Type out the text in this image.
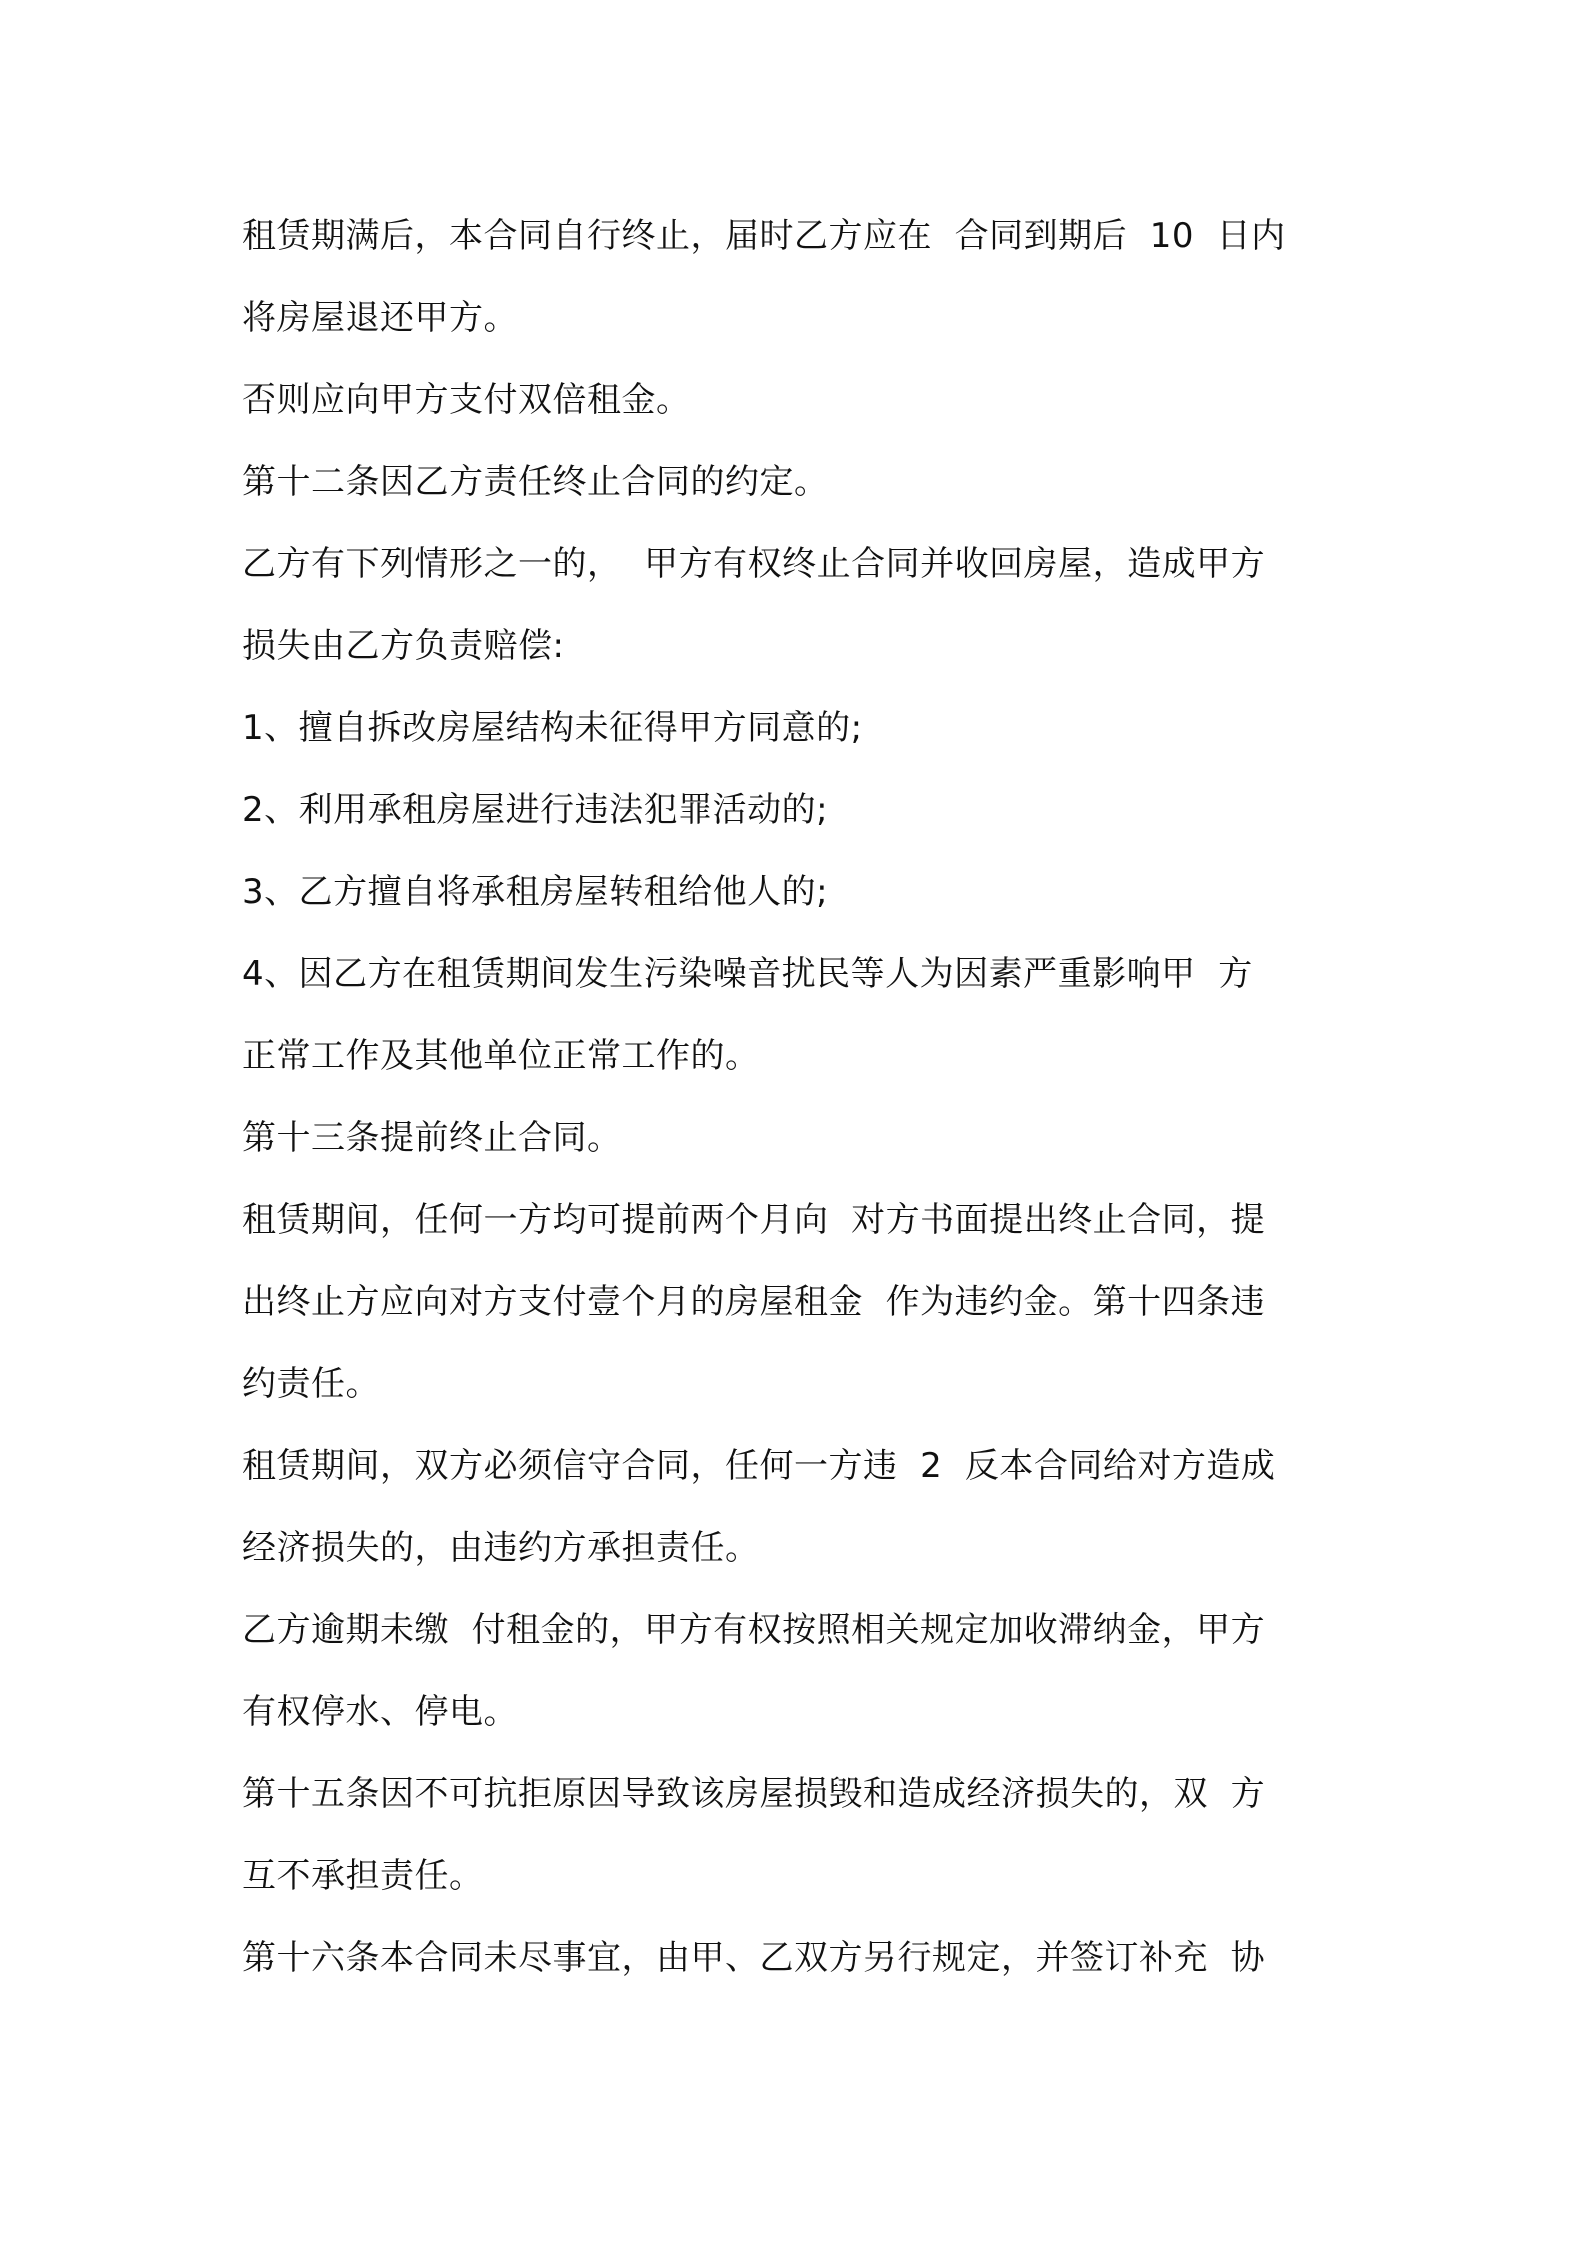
租赁期满后，本合同自行终止，届时乙方应在  合同到期后  10  日内
将房屋退还甲方。
否则应向甲方支付双倍租金。
第十二条因乙方责任终止合同的约定。
乙方有下列情形之一的，  甲方有权终止合同并收回房屋，造成甲方
损失由乙方负责赔偿:
1、擅自拆改房屋结构未征得甲方同意的;
2、利用承租房屋进行违法犯罪活动的;
3、乙方擅自将承租房屋转租给他人的;
4、因乙方在租赁期间发生污染噪音扰民等人为因素严重影响甲  方
正常工作及其他单位正常工作的。
第十三条提前终止合同。
租赁期间，任何一方均可提前两个月向  对方书面提出终止合同，提
出终止方应向对方支付壹个月的房屋租金  作为违约金。第十四条违
约责任。
租赁期间，双方必须信守合同，任何一方违  2  反本合同给对方造成
经济损失的，由违约方承担责任。
乙方逾期未缴  付租金的，甲方有权按照相关规定加收滞纳金，甲方
有权停水、停电。
第十五条因不可抗拒原因导致该房屋损毁和造成经济损失的，双  方
互不承担责任。
第十六条本合同未尽事宜，由甲、乙双方另行规定，并签订补充  协
